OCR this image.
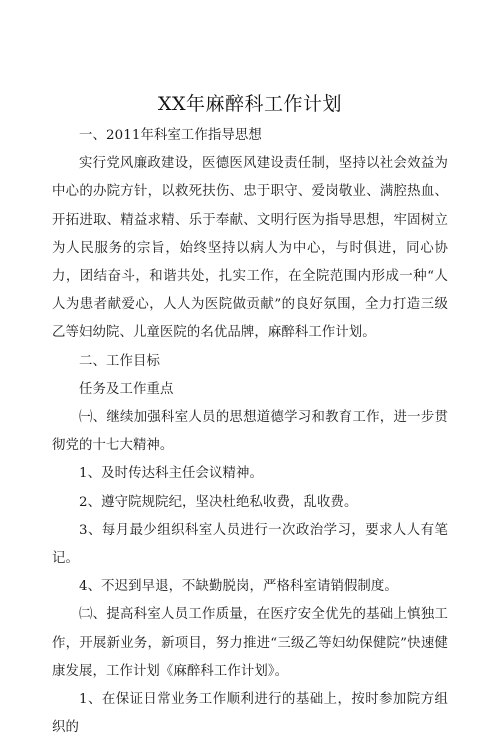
XX年麻醉科工作计划

一、2011年科室工作指导思想

实行党风廉政建设，医德医风建设责任制，坚持以社会效益为中心的办院方针，以救死扶伤、忠于职守、爱岗敬业、满腔热血、开拓进取、精益求精、乐于奉献、文明行医为指导思想，牢固树立为人民服务的宗旨，始终坚持以病人为中心，与时俱进，同心协力，团结奋斗，和谐共处，扎实工作，在全院范围内形成一种“人人为患者献爱心，人人为医院做贡献”的良好氛围，全力打造三级乙等妇幼院、儿童医院的名优品牌，麻醉科工作计划。

二、工作目标

任务及工作重点

㈠、继续加强科室人员的思想道德学习和教育工作，进一步贯彻党的十七大精神。

1、及时传达科主任会议精神。

2、遵守院规院纪，坚决杜绝私收费，乱收费。

3、每月最少组织科室人员进行一次政治学习，要求人人有笔记。

4、不迟到早退，不缺勤脱岗，严格科室请销假制度。

㈡、提高科室人员工作质量，在医疗安全优先的基础上慎独工作，开展新业务，新项目，努力推进“三级乙等妇幼保健院”快速健康发展，工作计划《麻醉科工作计划》。

1、在保证日常业务工作顺利进行的基础上，按时参加院方组织的
